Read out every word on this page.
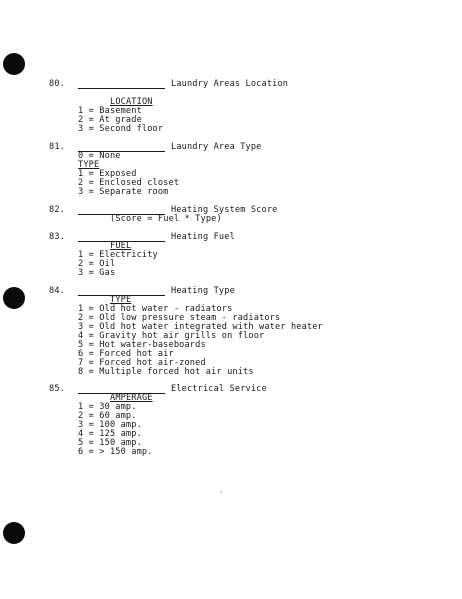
80.	Laundry Areas Location
LOCATION
1 = Basement
2 = At grade
3 = Second floor
81.	Laundry Area Type
0 = None
TYPE
1 = Exposed
2 = Enclosed closet
3 = Separate room
82.	Heating System Score
(Score = Fuel * Type)
83.	Heating Fuel
FUEL
1 = Electricity
2 = Oil
3 = Gas
84.	Heating Type
TYPE
1 = Old hot water - radiators
2 = Old low pressure steam - radiators
3 = Old hot water integrated with water heater
4 = Gravity hot air grills on floor
5 = Hot water-baseboards
6 = Forced hot air
7 = Forced hot air-zoned
8 = Multiple forced hot air units
85.	Electrical Service
AMPERAGE
1 = 30 amp.
2 = 60 amp.
3 = 100 amp.
4 = 125 amp.
5 = 150 amp.
6 = > 150 amp.
